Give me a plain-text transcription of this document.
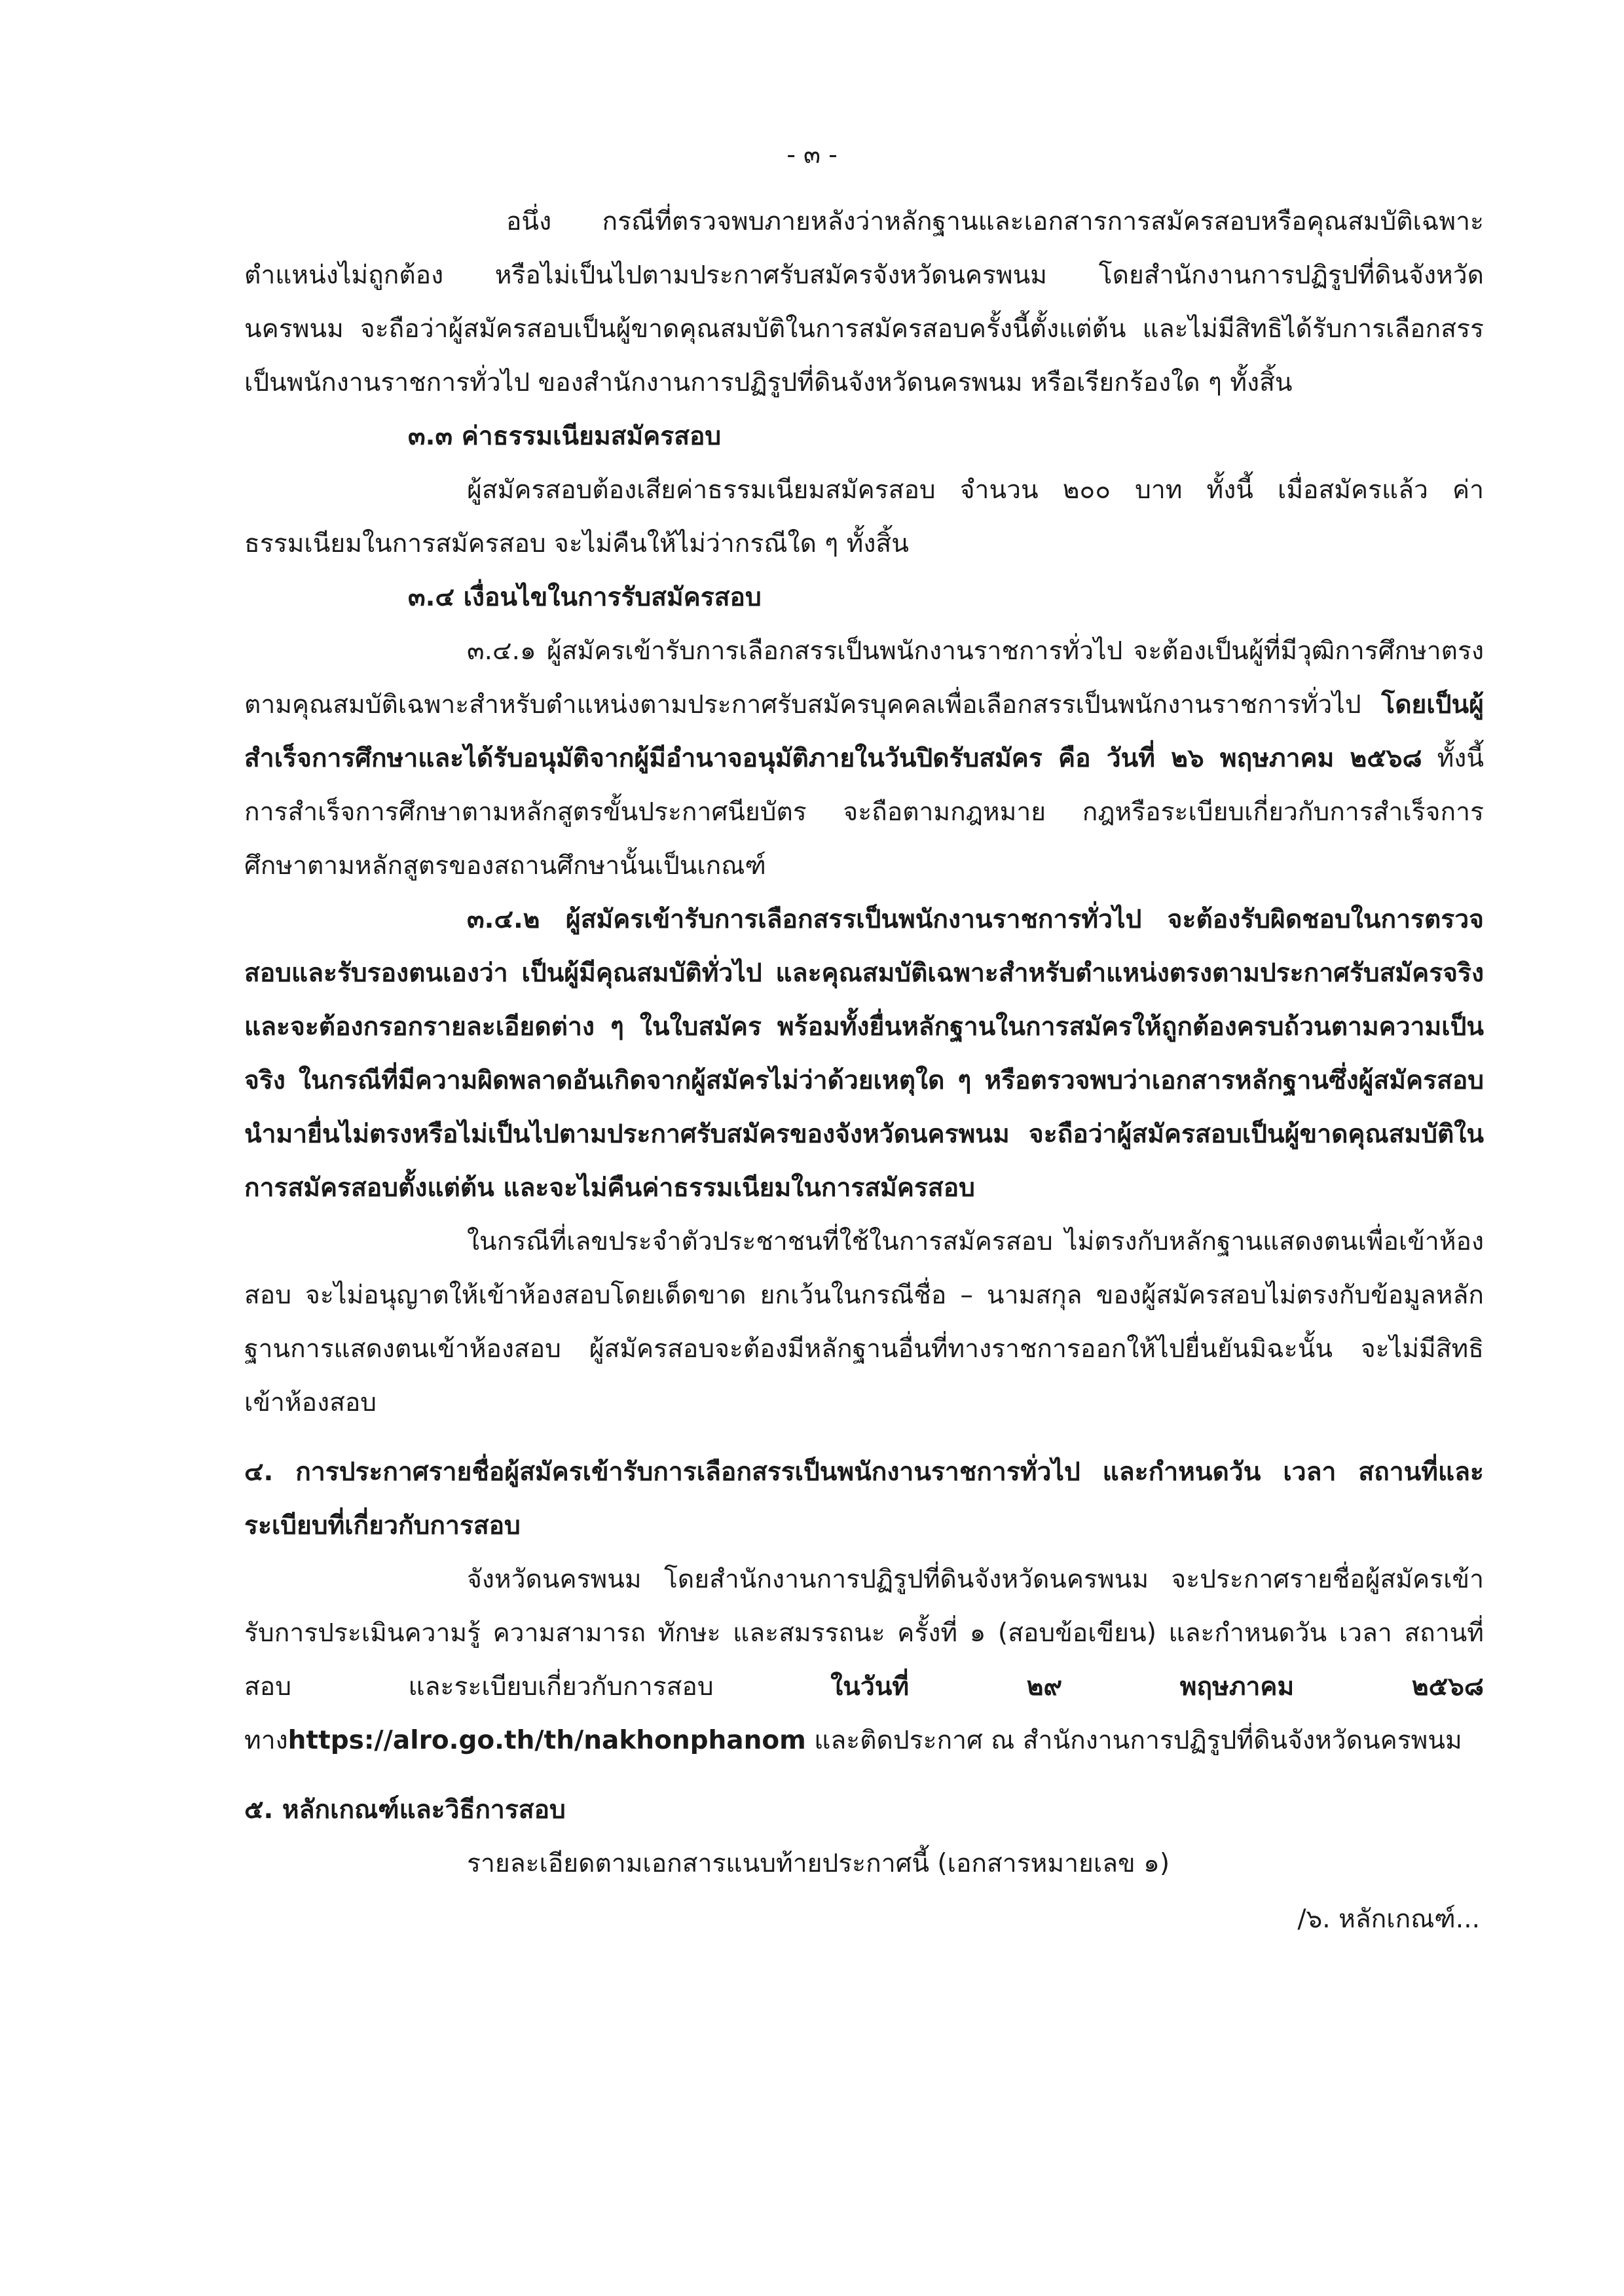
- ๓ -

อนึ่ง กรณีที่ตรวจพบภายหลังว่าหลักฐานและเอกสารการสมัครสอบหรือคุณสมบัติเฉพาะตำแหน่งไม่ถูกต้อง หรือไม่เป็นไปตามประกาศรับสมัครจังหวัดนครพนม โดยสำนักงานการปฏิรูปที่ดินจังหวัดนครพนม จะถือว่าผู้สมัครสอบเป็นผู้ขาดคุณสมบัติในการสมัครสอบครั้งนี้ตั้งแต่ต้น และไม่มีสิทธิได้รับการเลือกสรรเป็นพนักงานราชการทั่วไป ของสำนักงานการปฏิรูปที่ดินจังหวัดนครพนม หรือเรียกร้องใด ๆ ทั้งสิ้น

๓.๓ ค่าธรรมเนียมสมัครสอบ

ผู้สมัครสอบต้องเสียค่าธรรมเนียมสมัครสอบ จำนวน ๒๐๐ บาท ทั้งนี้ เมื่อสมัครแล้ว ค่าธรรมเนียมในการสมัครสอบ จะไม่คืนให้ไม่ว่ากรณีใด ๆ ทั้งสิ้น

๓.๔ เงื่อนไขในการรับสมัครสอบ

๓.๔.๑ ผู้สมัครเข้ารับการเลือกสรรเป็นพนักงานราชการทั่วไป จะต้องเป็นผู้ที่มีวุฒิการศึกษาตรงตามคุณสมบัติเฉพาะสำหรับตำแหน่งตามประกาศรับสมัครบุคคลเพื่อเลือกสรรเป็นพนักงานราชการทั่วไป โดยเป็นผู้สำเร็จการศึกษาและได้รับอนุมัติจากผู้มีอำนาจอนุมัติภายในวันปิดรับสมัคร คือ วันที่ ๒๖ พฤษภาคม ๒๕๖๘ ทั้งนี้ การสำเร็จการศึกษาตามหลักสูตรขั้นประกาศนียบัตร จะถือตามกฎหมาย กฎหรือระเบียบเกี่ยวกับการสำเร็จการศึกษาตามหลักสูตรของสถานศึกษานั้นเป็นเกณฑ์

๓.๔.๒ ผู้สมัครเข้ารับการเลือกสรรเป็นพนักงานราชการทั่วไป จะต้องรับผิดชอบในการตรวจสอบและรับรองตนเองว่า เป็นผู้มีคุณสมบัติทั่วไป และคุณสมบัติเฉพาะสำหรับตำแหน่งตรงตามประกาศรับสมัครจริง และจะต้องกรอกรายละเอียดต่าง ๆ ในใบสมัคร พร้อมทั้งยื่นหลักฐานในการสมัครให้ถูกต้องครบถ้วนตามความเป็นจริง ในกรณีที่มีความผิดพลาดอันเกิดจากผู้สมัครไม่ว่าด้วยเหตุใด ๆ หรือตรวจพบว่าเอกสารหลักฐานซึ่งผู้สมัครสอบนำมายื่นไม่ตรงหรือไม่เป็นไปตามประกาศรับสมัครของจังหวัดนครพนม จะถือว่าผู้สมัครสอบเป็นผู้ขาดคุณสมบัติในการสมัครสอบตั้งแต่ต้น และจะไม่คืนค่าธรรมเนียมในการสมัครสอบ

ในกรณีที่เลขประจำตัวประชาชนที่ใช้ในการสมัครสอบ ไม่ตรงกับหลักฐานแสดงตนเพื่อเข้าห้องสอบ จะไม่อนุญาตให้เข้าห้องสอบโดยเด็ดขาด ยกเว้นในกรณีชื่อ – นามสกุล ของผู้สมัครสอบไม่ตรงกับข้อมูลหลักฐานการแสดงตนเข้าห้องสอบ ผู้สมัครสอบจะต้องมีหลักฐานอื่นที่ทางราชการออกให้ไปยื่นยันมิฉะนั้น จะไม่มีสิทธิเข้าห้องสอบ

๔. การประกาศรายชื่อผู้สมัครเข้ารับการเลือกสรรเป็นพนักงานราชการทั่วไป และกำหนดวัน เวลา สถานที่และระเบียบที่เกี่ยวกับการสอบ

จังหวัดนครพนม โดยสำนักงานการปฏิรูปที่ดินจังหวัดนครพนม จะประกาศรายชื่อผู้สมัครเข้ารับการประเมินความรู้ ความสามารถ ทักษะ และสมรรถนะ ครั้งที่ ๑ (สอบข้อเขียน) และกำหนดวัน เวลา สถานที่สอบ และระเบียบเกี่ยวกับการสอบ ในวันที่ ๒๙ พฤษภาคม ๒๕๖๘ ทางhttps://alro.go.th/th/nakhonphanom และติดประกาศ ณ สำนักงานการปฏิรูปที่ดินจังหวัดนครพนม

๕. หลักเกณฑ์และวิธีการสอบ

รายละเอียดตามเอกสารแนบท้ายประกาศนี้ (เอกสารหมายเลข ๑)

/๖. หลักเกณฑ์...
